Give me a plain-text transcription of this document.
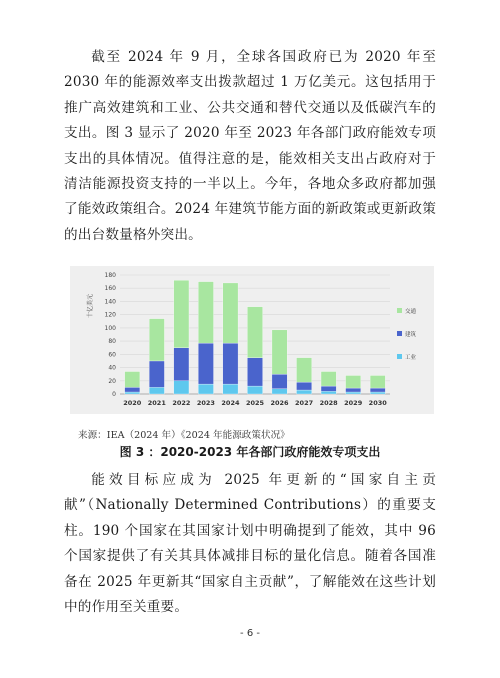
截至 2024 年 9 月，全球各国政府已为 2020 年至 2030 年的能源效率支出拨款超过 1 万亿美元。这包括用于推广高效建筑和工业、公共交通和替代交通以及低碳汽车的支出。图 3 显示了 2020 年至 2023 年各部门政府能效专项支出的具体情况。值得注意的是，能效相关支出占政府对于清洁能源投资支持的一半以上。今年，各地众多政府都加强了能效政策组合。2024 年建筑节能方面的新政策或更新政策的出台数量格外突出。

0
20
40
60
80
100
120
140
160
180
十亿美元
2020 2021 2022 2023 2024 2025 2026 2027 2028 2029 2030
交通
建筑
工业
来源：IEA（2024 年）《2024 年能源政策状况》
图 3 ：2020-2023 年各部门政府能效专项支出

能效目标应成为 2025 年更新的“国家自主贡献”（Nationally Determined Contributions）的重要支柱。190 个国家在其国家计划中明确提到了能效，其中 96 个国家提供了有关其具体减排目标的量化信息。随着各国准备在 2025 年更新其“国家自主贡献”，了解能效在这些计划中的作用至关重要。

- 6 -
